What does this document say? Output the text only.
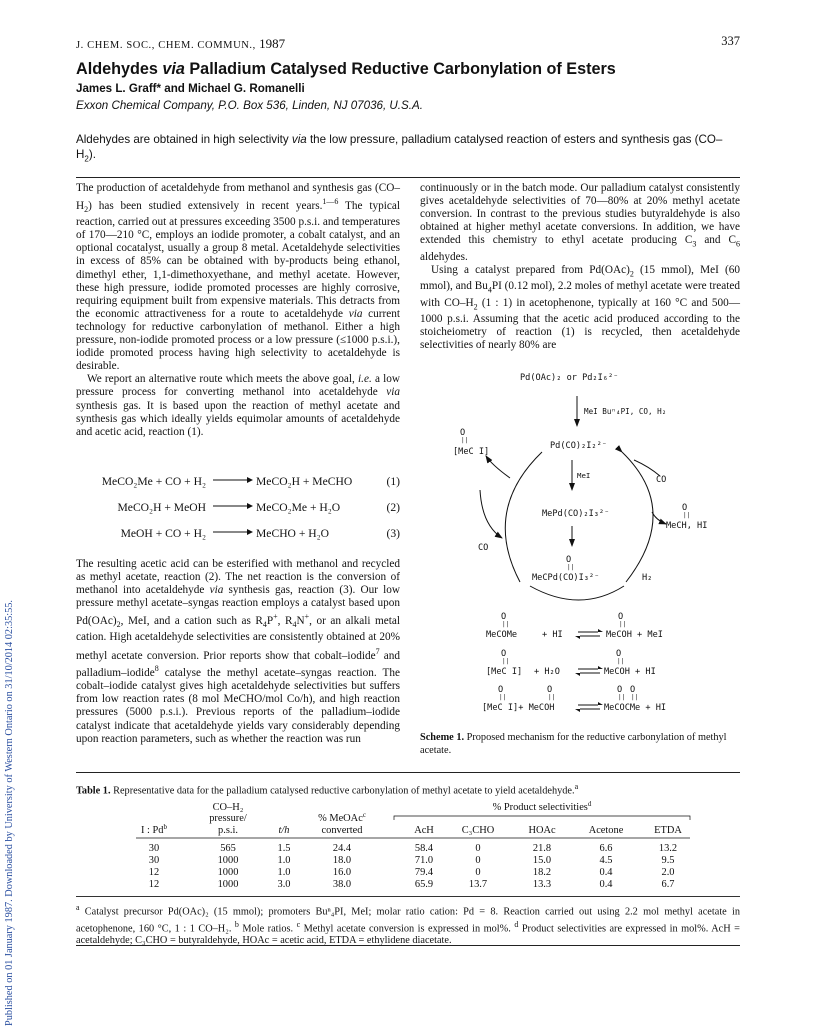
J. CHEM. SOC., CHEM. COMMUN., 1987	337
Published on 01 January 1987. Downloaded by University of Western Ontario on 31/10/2014 02:35:55.
Aldehydes via Palladium Catalysed Reductive Carbonylation of Esters
James L. Graff* and Michael G. Romanelli
Exxon Chemical Company, P.O. Box 536, Linden, NJ 07036, U.S.A.
Aldehydes are obtained in high selectivity via the low pressure, palladium catalysed reaction of esters and synthesis gas $(CO-H_2)$.

The production of acetaldehyde from methanol and synthesis gas $(CO-H_2)$ has been studied extensively in recent years.$^{1—6}$ The typical reaction, carried out at pressures exceeding 3500 p.s.i. and temperatures of 170—210 °C, employs an iodide promoter, a cobalt catalyst, and an optional cocatalyst, usually a group 8 metal. Acetaldehyde selectivities in excess of 85% can be obtained with by-products being ethanol, dimethyl ether, 1,1-dimethoxyethane, and methyl acetate. However, these high pressure, iodide promoted processes are highly corrosive, requiring equipment built from expensive materials. This detracts from the economic attractiveness for a route to acetaldehyde via current technology for reductive carbonylation of methanol. Either a high pressure, non-iodide promoted process or a low pressure (≤1000 p.s.i.), iodide promoted process having high selectivity to acetaldehyde is desirable.

We report an alternative route which meets the above goal, i.e. a low pressure process for converting methanol into acetaldehyde via synthesis gas. It is based upon the reaction of methyl acetate and synthesis gas which ideally yields equimolar amounts of acetaldehyde and acetic acid, reaction (1).

MeCO₂Me + CO + H₂	MeCO₂H + MeCHO	(1)
MeCO₂H + MeOH	MeCO₂Me + H₂O	(2)
MeOH + CO + H₂	MeCHO + H₂O	(3)

The resulting acetic acid can be esterified with methanol and recycled as methyl acetate, reaction (2). The net reaction is the conversion of methanol into acetaldehyde via synthesis gas, reaction (3). Our low pressure methyl acetate–syngas reaction employs a catalyst based upon $Pd(OAc)_2$, MeI, and a cation such as $R_4P^+$, $R_4N^+$, or an alkali metal cation. High acetaldehyde selectivities are consistently obtained at 20% methyl acetate conversion. Prior reports show that cobalt–iodide$^7$ and palladium–iodide$^8$ catalyse the methyl acetate–syngas reaction. The cobalt–iodide catalyst gives high acetaldehyde selectivities but suffers from low reaction rates (8 mol MeCHO/mol Co/h), and high reaction pressures (5000 p.s.i.). Previous reports of the palladium–iodide catalyst indicate that acetaldehyde yields vary considerably depending upon reaction parameters, such as whether the reaction was run

continuously or in the batch mode. Our palladium catalyst consistently gives acetaldehyde selectivities of 70—80% at 20% methyl acetate conversion. In contrast to the previous studies butyraldehyde is also obtained at higher methyl acetate conversions. In addition, we have extended this chemistry to ethyl acetate producing $C_3$ and $C_6$ aldehydes.

Using a catalyst prepared from $Pd(OAc)_2$ (15 mmol), MeI (60 mmol), and $Bu_4PI$ (0.12 mol), 2.2 moles of methyl acetate were treated with $CO-H_2$ (1 : 1) in acetophenone, typically at 160 °C and 500—1000 p.s.i. Assuming that the acetic acid produced according to the stoicheiometry of reaction (1) is recycled, then acetaldehyde selectivities of nearly 80% are

Pd(OAc)₂ or Pd₂I₆²⁻
MeI Buⁿ₄PI, CO, H₂
Pd(CO)₂I₂²⁻
O
||
[MeC I]
CO
MeI
MePd(CO)₂I₃²⁻
O
||
MeCPd(CO)I₃²⁻
CO
O
||
MeCH, HI
H₂
O
||
MeCOMe	+ HI
O
||
MeCOH + MeI
O
||
[MeC I] + H₂O
O
||
MeCOH + HI
O
||
O
||
[MeC I]+ MeCOH
O
||
O
||
MeCOCMe + HI
Scheme 1. Proposed mechanism for the reductive carbonylation of methyl acetate.
Table 1. Representative data for the palladium catalysed reductive carbonylation of methyl acetate to yield acetaldehyde.$^a$
CO–H₂
pressure/
p.s.i.
I : Pd$^b$	t/h
% MeOAc$^c$
converted
% Product selectivities$^d$
AcH	C₃CHO	HOAc	Acetone	ETDA
30	565	1.5	24.4	58.4	0	21.8	6.6	13.2
30	1000	1.0	18.0	71.0	0	15.0	4.5	9.5
12	1000	1.0	16.0	79.4	0	18.2	0.4	2.0
12	1000	3.0	38.0	65.9	13.7	13.3	0.4	6.7
$^a$ Catalyst precursor Pd(OAc)₂ (15 mmol); promoters Buⁿ₄PI, MeI; molar ratio cation: Pd = 8. Reaction carried out using 2.2 mol methyl acetate in acetophenone, 160 °C, 1 : 1 CO–H₂. $^b$ Mole ratios. $^c$ Methyl acetate conversion is expressed in mol%. $^d$ Product selectivities are expressed in mol%. AcH = acetaldehyde; C₃CHO = butyraldehyde, HOAc = acetic acid, ETDA = ethylidene diacetate.
